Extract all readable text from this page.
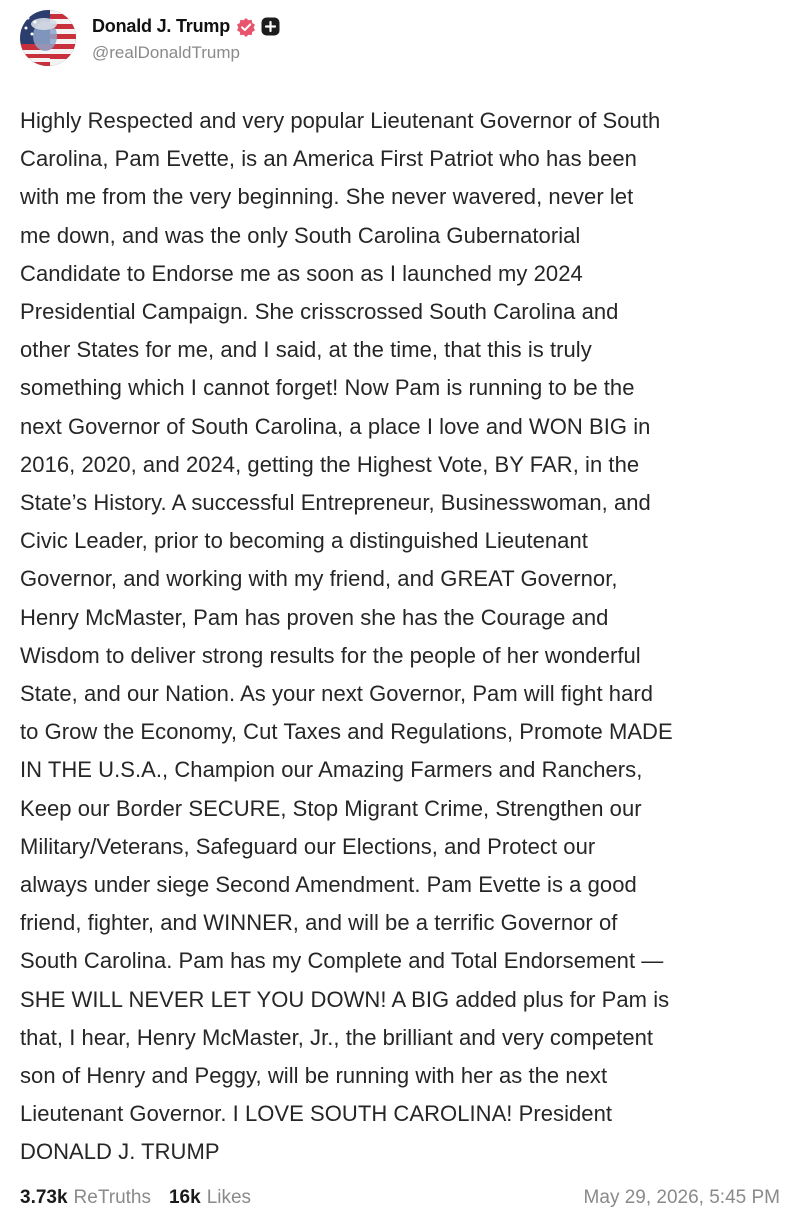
Donald J. Trump
@realDonaldTrump
Highly Respected and very popular Lieutenant Governor of South
Carolina, Pam Evette, is an America First Patriot who has been
with me from the very beginning. She never wavered, never let
me down, and was the only South Carolina Gubernatorial
Candidate to Endorse me as soon as I launched my 2024
Presidential Campaign. She crisscrossed South Carolina and
other States for me, and I said, at the time, that this is truly
something which I cannot forget! Now Pam is running to be the
next Governor of South Carolina, a place I love and WON BIG in
2016, 2020, and 2024, getting the Highest Vote, BY FAR, in the
State’s History. A successful Entrepreneur, Businesswoman, and
Civic Leader, prior to becoming a distinguished Lieutenant
Governor, and working with my friend, and GREAT Governor,
Henry McMaster, Pam has proven she has the Courage and
Wisdom to deliver strong results for the people of her wonderful
State, and our Nation. As your next Governor, Pam will fight hard
to Grow the Economy, Cut Taxes and Regulations, Promote MADE
IN THE U.S.A., Champion our Amazing Farmers and Ranchers,
Keep our Border SECURE, Stop Migrant Crime, Strengthen our
Military/Veterans, Safeguard our Elections, and Protect our
always under siege Second Amendment. Pam Evette is a good
friend, fighter, and WINNER, and will be a terrific Governor of
South Carolina. Pam has my Complete and Total Endorsement —
SHE WILL NEVER LET YOU DOWN! A BIG added plus for Pam is
that, I hear, Henry McMaster, Jr., the brilliant and very competent
son of Henry and Peggy, will be running with her as the next
Lieutenant Governor. I LOVE SOUTH CAROLINA! President
DONALD J. TRUMP
3.73k ReTruths 16k Likes	May 29, 2026, 5:45 PM
